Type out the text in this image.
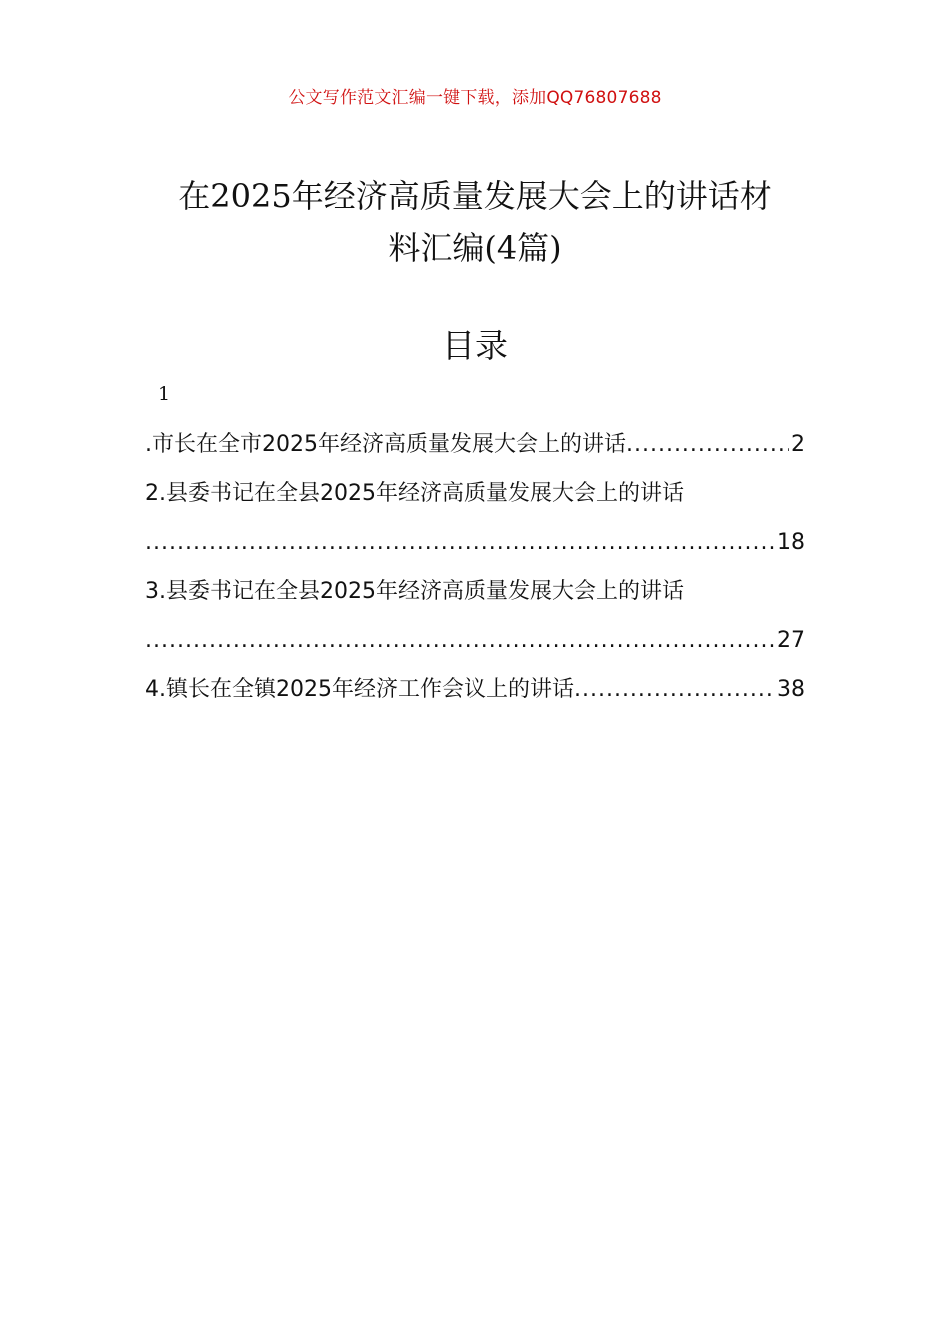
公文写作范文汇编一键下载，添加QQ76807688
在2025年经济高质量发展大会上的讲话材
料汇编(4篇)
目录
1
.市长在全市2025年经济高质量发展大会上的讲话 .....	2
2.县委书记在全县2025年经济高质量发展大会上的讲话
.....
18
3.县委书记在全县2025年经济高质量发展大会上的讲话
.....
27
4.镇长在全镇2025年经济工作会议上的讲话 .....	38
